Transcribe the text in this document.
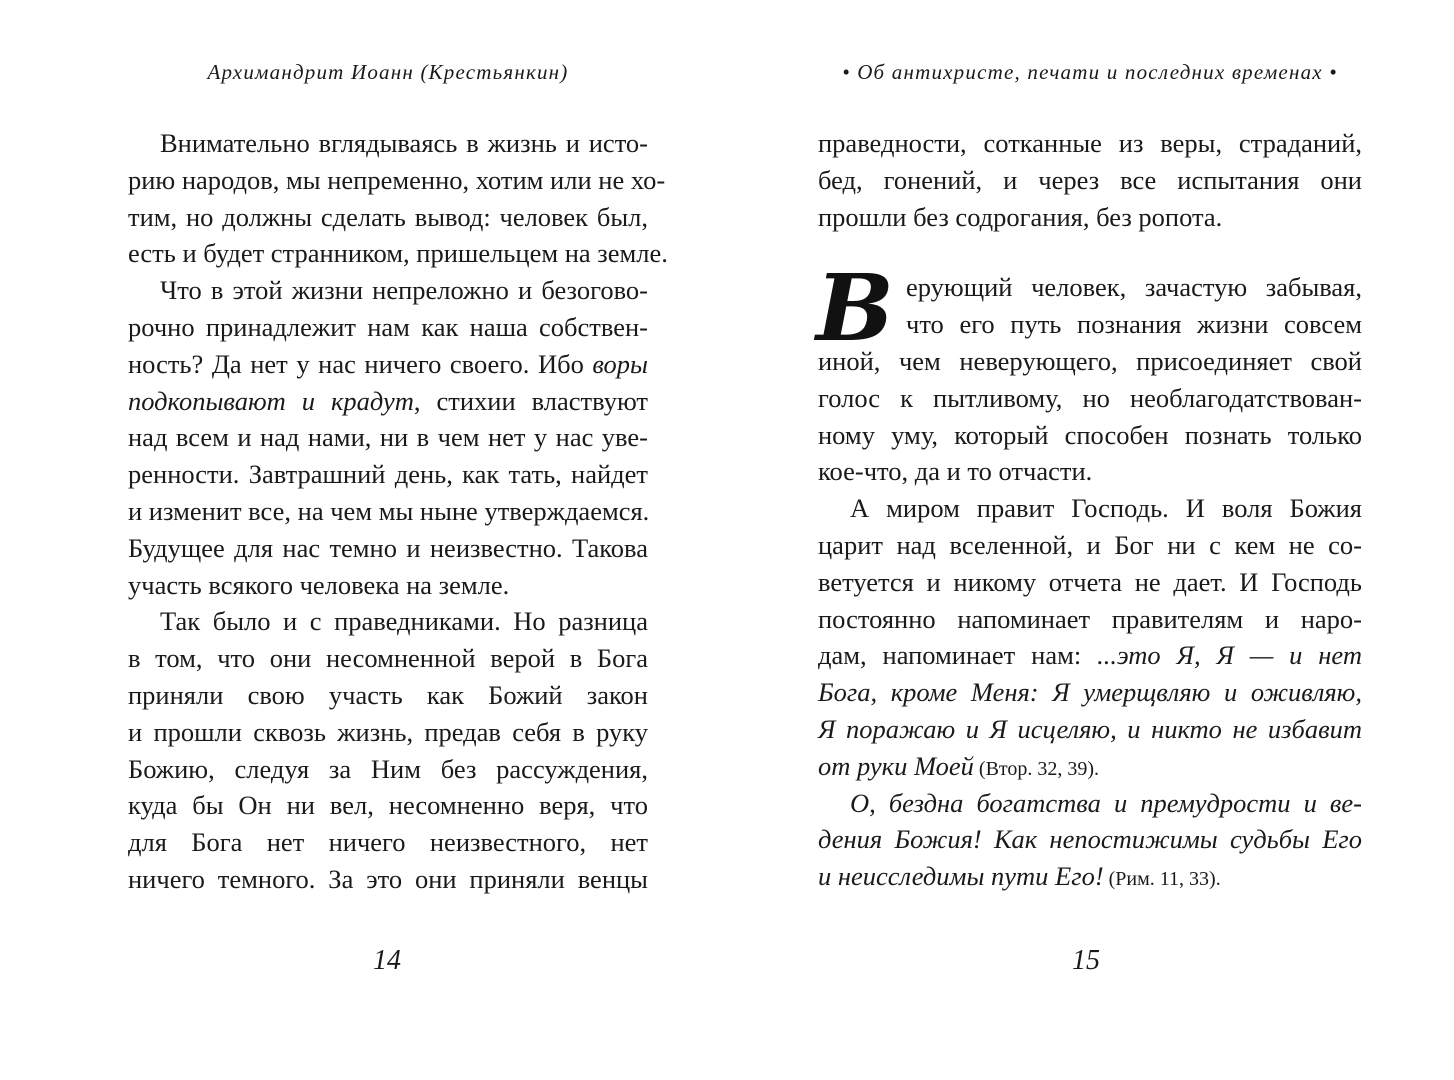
Архимандрит Иоанн (Крестьянкин)
Внимательно вглядываясь в жизнь и исто-
рию народов, мы непременно, хотим или не хо-
тим, но должны сделать вывод: человек был,
есть и будет странником, пришельцем на земле.
Что в этой жизни непреложно и безогово-
рочно принадлежит нам как наша собствен-
ность? Да нет у нас ничего своего. Ибо воры
подкопывают и крадут, стихии властвуют
над всем и над нами, ни в чем нет у нас уве-
ренности. Завтрашний день, как тать, найдет
и изменит все, на чем мы ныне утверждаемся.
Будущее для нас темно и неизвестно. Такова
участь всякого человека на земле.
Так было и с праведниками. Но разница
в том, что они несомненной верой в Бога
приняли свою участь как Божий закон
и прошли сквозь жизнь, предав себя в руку
Божию, следуя за Ним без рассуждения,
куда бы Он ни вел, несомненно веря, что
для Бога нет ничего неизвестного, нет
ничего темного. За это они приняли венцы
14
• Об антихристе, печати и последних временах •
В
праведности, сотканные из веры, страданий,
бед, гонений, и через все испытания они
прошли без содрогания, без ропота.
ерующий человек, зачастую забывая,
что его путь познания жизни совсем
иной, чем неверующего, присоединяет свой
голос к пытливому, но необлагодатствован-
ному уму, который способен познать только
кое-что, да и то отчасти.
А миром правит Господь. И воля Божия
царит над вселенной, и Бог ни с кем не со-
ветуется и никому отчета не дает. И Господь
постоянно напоминает правителям и наро-
дам, напоминает нам: ...это Я, Я — и нет
Бога, кроме Меня: Я умерщвляю и оживляю,
Я поражаю и Я исцеляю, и никто не избавит
от руки Моей (Втор. 32, 39).
О, бездна богатства и премудрости и ве-
дения Божия! Как непостижимы судьбы Его
и неисследимы пути Его! (Рим. 11, 33).
15
